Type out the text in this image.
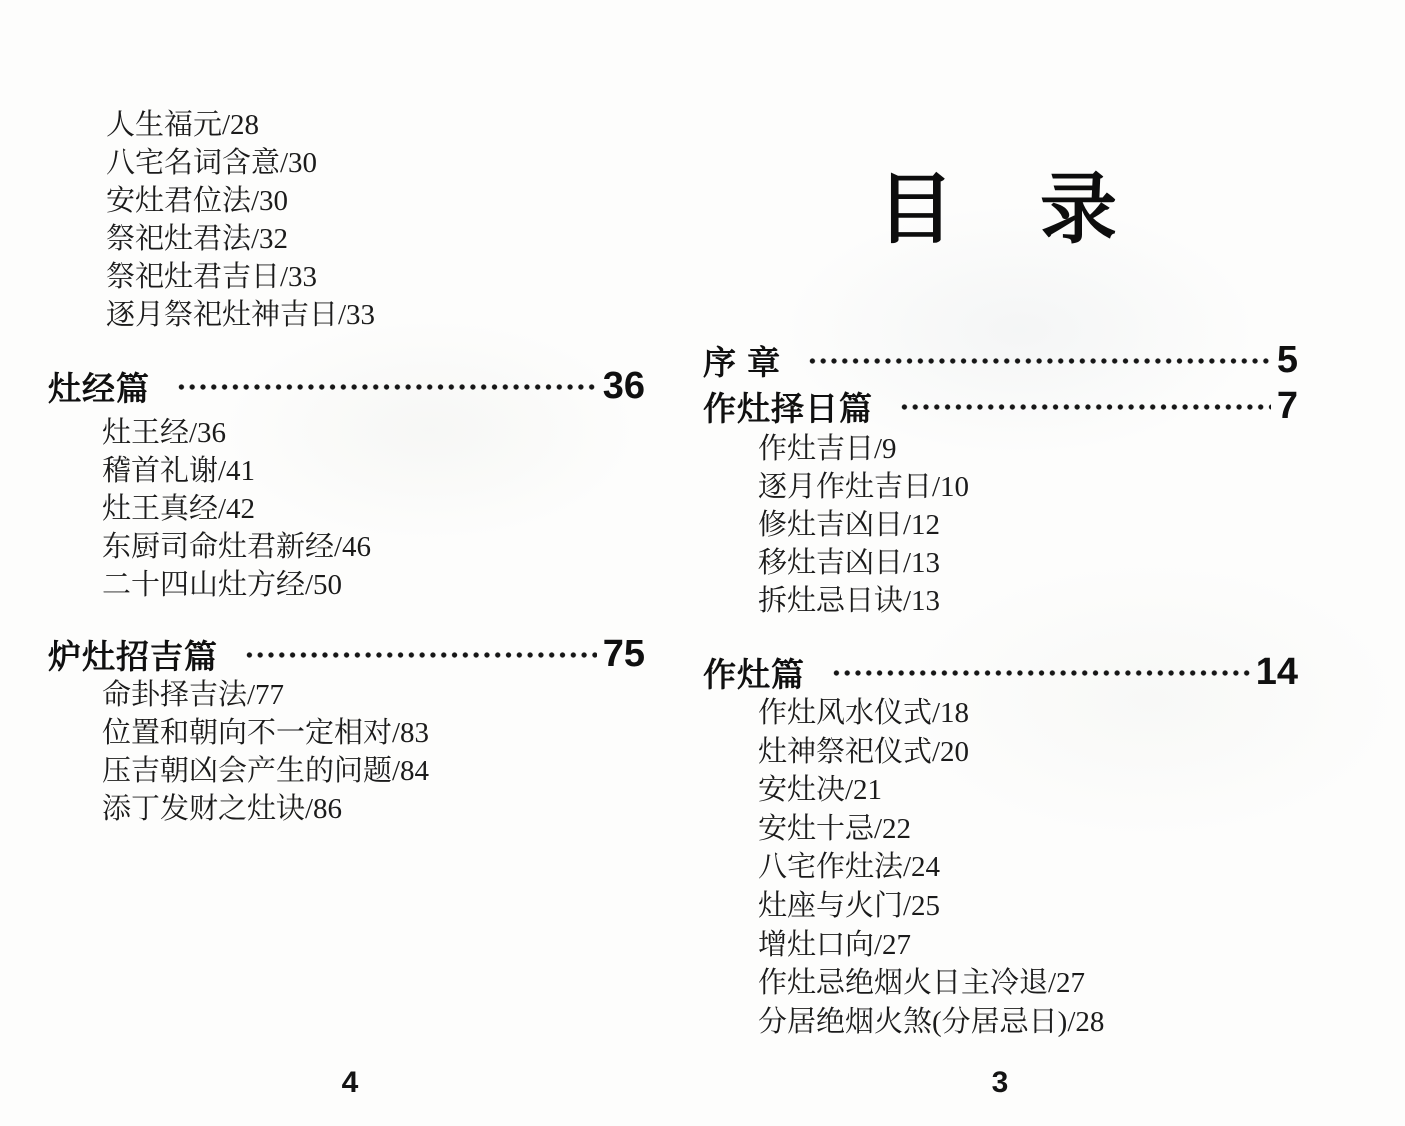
人生福元/28
八宅名词含意/30
安灶君位法/30
祭祀灶君法/32
祭祀灶君吉日/33
逐月祭祀灶神吉日/33
灶经篇	36
灶王经/36
稽首礼谢/41
灶王真经/42
东厨司命灶君新经/46
二十四山灶方经/50
炉灶招吉篇	75
命卦择吉法/77
位置和朝向不一定相对/83
压吉朝凶会产生的问题/84
添丁发财之灶诀/86
4
目录
序 章	5
作灶择日篇	7
作灶吉日/9
逐月作灶吉日/10
修灶吉凶日/12
移灶吉凶日/13
拆灶忌日诀/13
作灶篇	14
作灶风水仪式/18
灶神祭祀仪式/20
安灶决/21
安灶十忌/22
八宅作灶法/24
灶座与火门/25
增灶口向/27
作灶忌绝烟火日主冷退/27
分居绝烟火煞(分居忌日)/28
3
